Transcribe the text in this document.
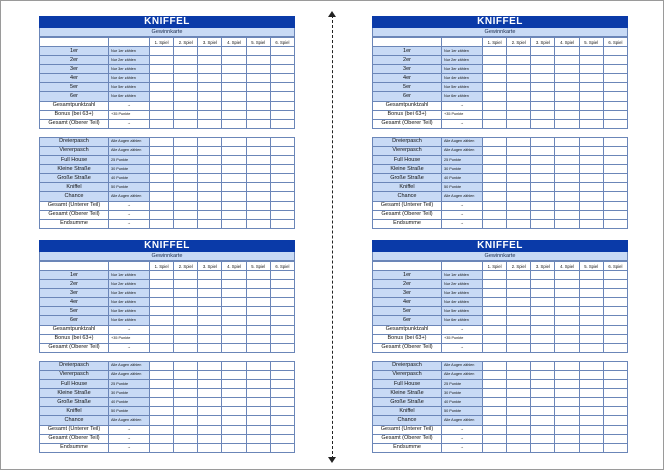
KNIFFEL
Gewinnkarte
		1. Spiel	2. Spiel	3. Spiel	4. Spiel	5. Spiel	6. Spiel
1er	Nur 1er zählen						
2er	Nur 2er zählen						
3er	Nur 3er zählen						
4er	Nur 4er zählen						
5er	Nur 5er zählen						
6er	Nur 6er zählen						
Gesamtpunktzahl	→						
Bonus (bei 63+)	+35 Punkte						
Gesamt (Oberer Teil)	→						
Dreierpasch	Alle Augen zählen						
Viererpasch	Alle Augen zählen						
Full House	25 Punkte						
Kleine Straße	30 Punkte						
Große Straße	40 Punkte						
Kniffel	50 Punkte						
Chance	Alle Augen zählen						
Gesamt (Unterer Teil)	→						
Gesamt (Oberer Teil)	→						
Endsumme	→						
KNIFFEL
Gewinnkarte
		1. Spiel	2. Spiel	3. Spiel	4. Spiel	5. Spiel	6. Spiel
1er	Nur 1er zählen						
2er	Nur 2er zählen						
3er	Nur 3er zählen						
4er	Nur 4er zählen						
5er	Nur 5er zählen						
6er	Nur 6er zählen						
Gesamtpunktzahl	→						
Bonus (bei 63+)	+35 Punkte						
Gesamt (Oberer Teil)	→						
Dreierpasch	Alle Augen zählen						
Viererpasch	Alle Augen zählen						
Full House	25 Punkte						
Kleine Straße	30 Punkte						
Große Straße	40 Punkte						
Kniffel	50 Punkte						
Chance	Alle Augen zählen						
Gesamt (Unterer Teil)	→						
Gesamt (Oberer Teil)	→						
Endsumme	→						
KNIFFEL
Gewinnkarte
		1. Spiel	2. Spiel	3. Spiel	4. Spiel	5. Spiel	6. Spiel
1er	Nur 1er zählen						
2er	Nur 2er zählen						
3er	Nur 3er zählen						
4er	Nur 4er zählen						
5er	Nur 5er zählen						
6er	Nur 6er zählen						
Gesamtpunktzahl	→						
Bonus (bei 63+)	+35 Punkte						
Gesamt (Oberer Teil)	→						
Dreierpasch	Alle Augen zählen						
Viererpasch	Alle Augen zählen						
Full House	25 Punkte						
Kleine Straße	30 Punkte						
Große Straße	40 Punkte						
Kniffel	50 Punkte						
Chance	Alle Augen zählen						
Gesamt (Unterer Teil)	→						
Gesamt (Oberer Teil)	→						
Endsumme	→						
KNIFFEL
Gewinnkarte
		1. Spiel	2. Spiel	3. Spiel	4. Spiel	5. Spiel	6. Spiel
1er	Nur 1er zählen						
2er	Nur 2er zählen						
3er	Nur 3er zählen						
4er	Nur 4er zählen						
5er	Nur 5er zählen						
6er	Nur 6er zählen						
Gesamtpunktzahl	→						
Bonus (bei 63+)	+35 Punkte						
Gesamt (Oberer Teil)	→						
Dreierpasch	Alle Augen zählen						
Viererpasch	Alle Augen zählen						
Full House	25 Punkte						
Kleine Straße	30 Punkte						
Große Straße	40 Punkte						
Kniffel	50 Punkte						
Chance	Alle Augen zählen						
Gesamt (Unterer Teil)	→						
Gesamt (Oberer Teil)	→						
Endsumme	→						
